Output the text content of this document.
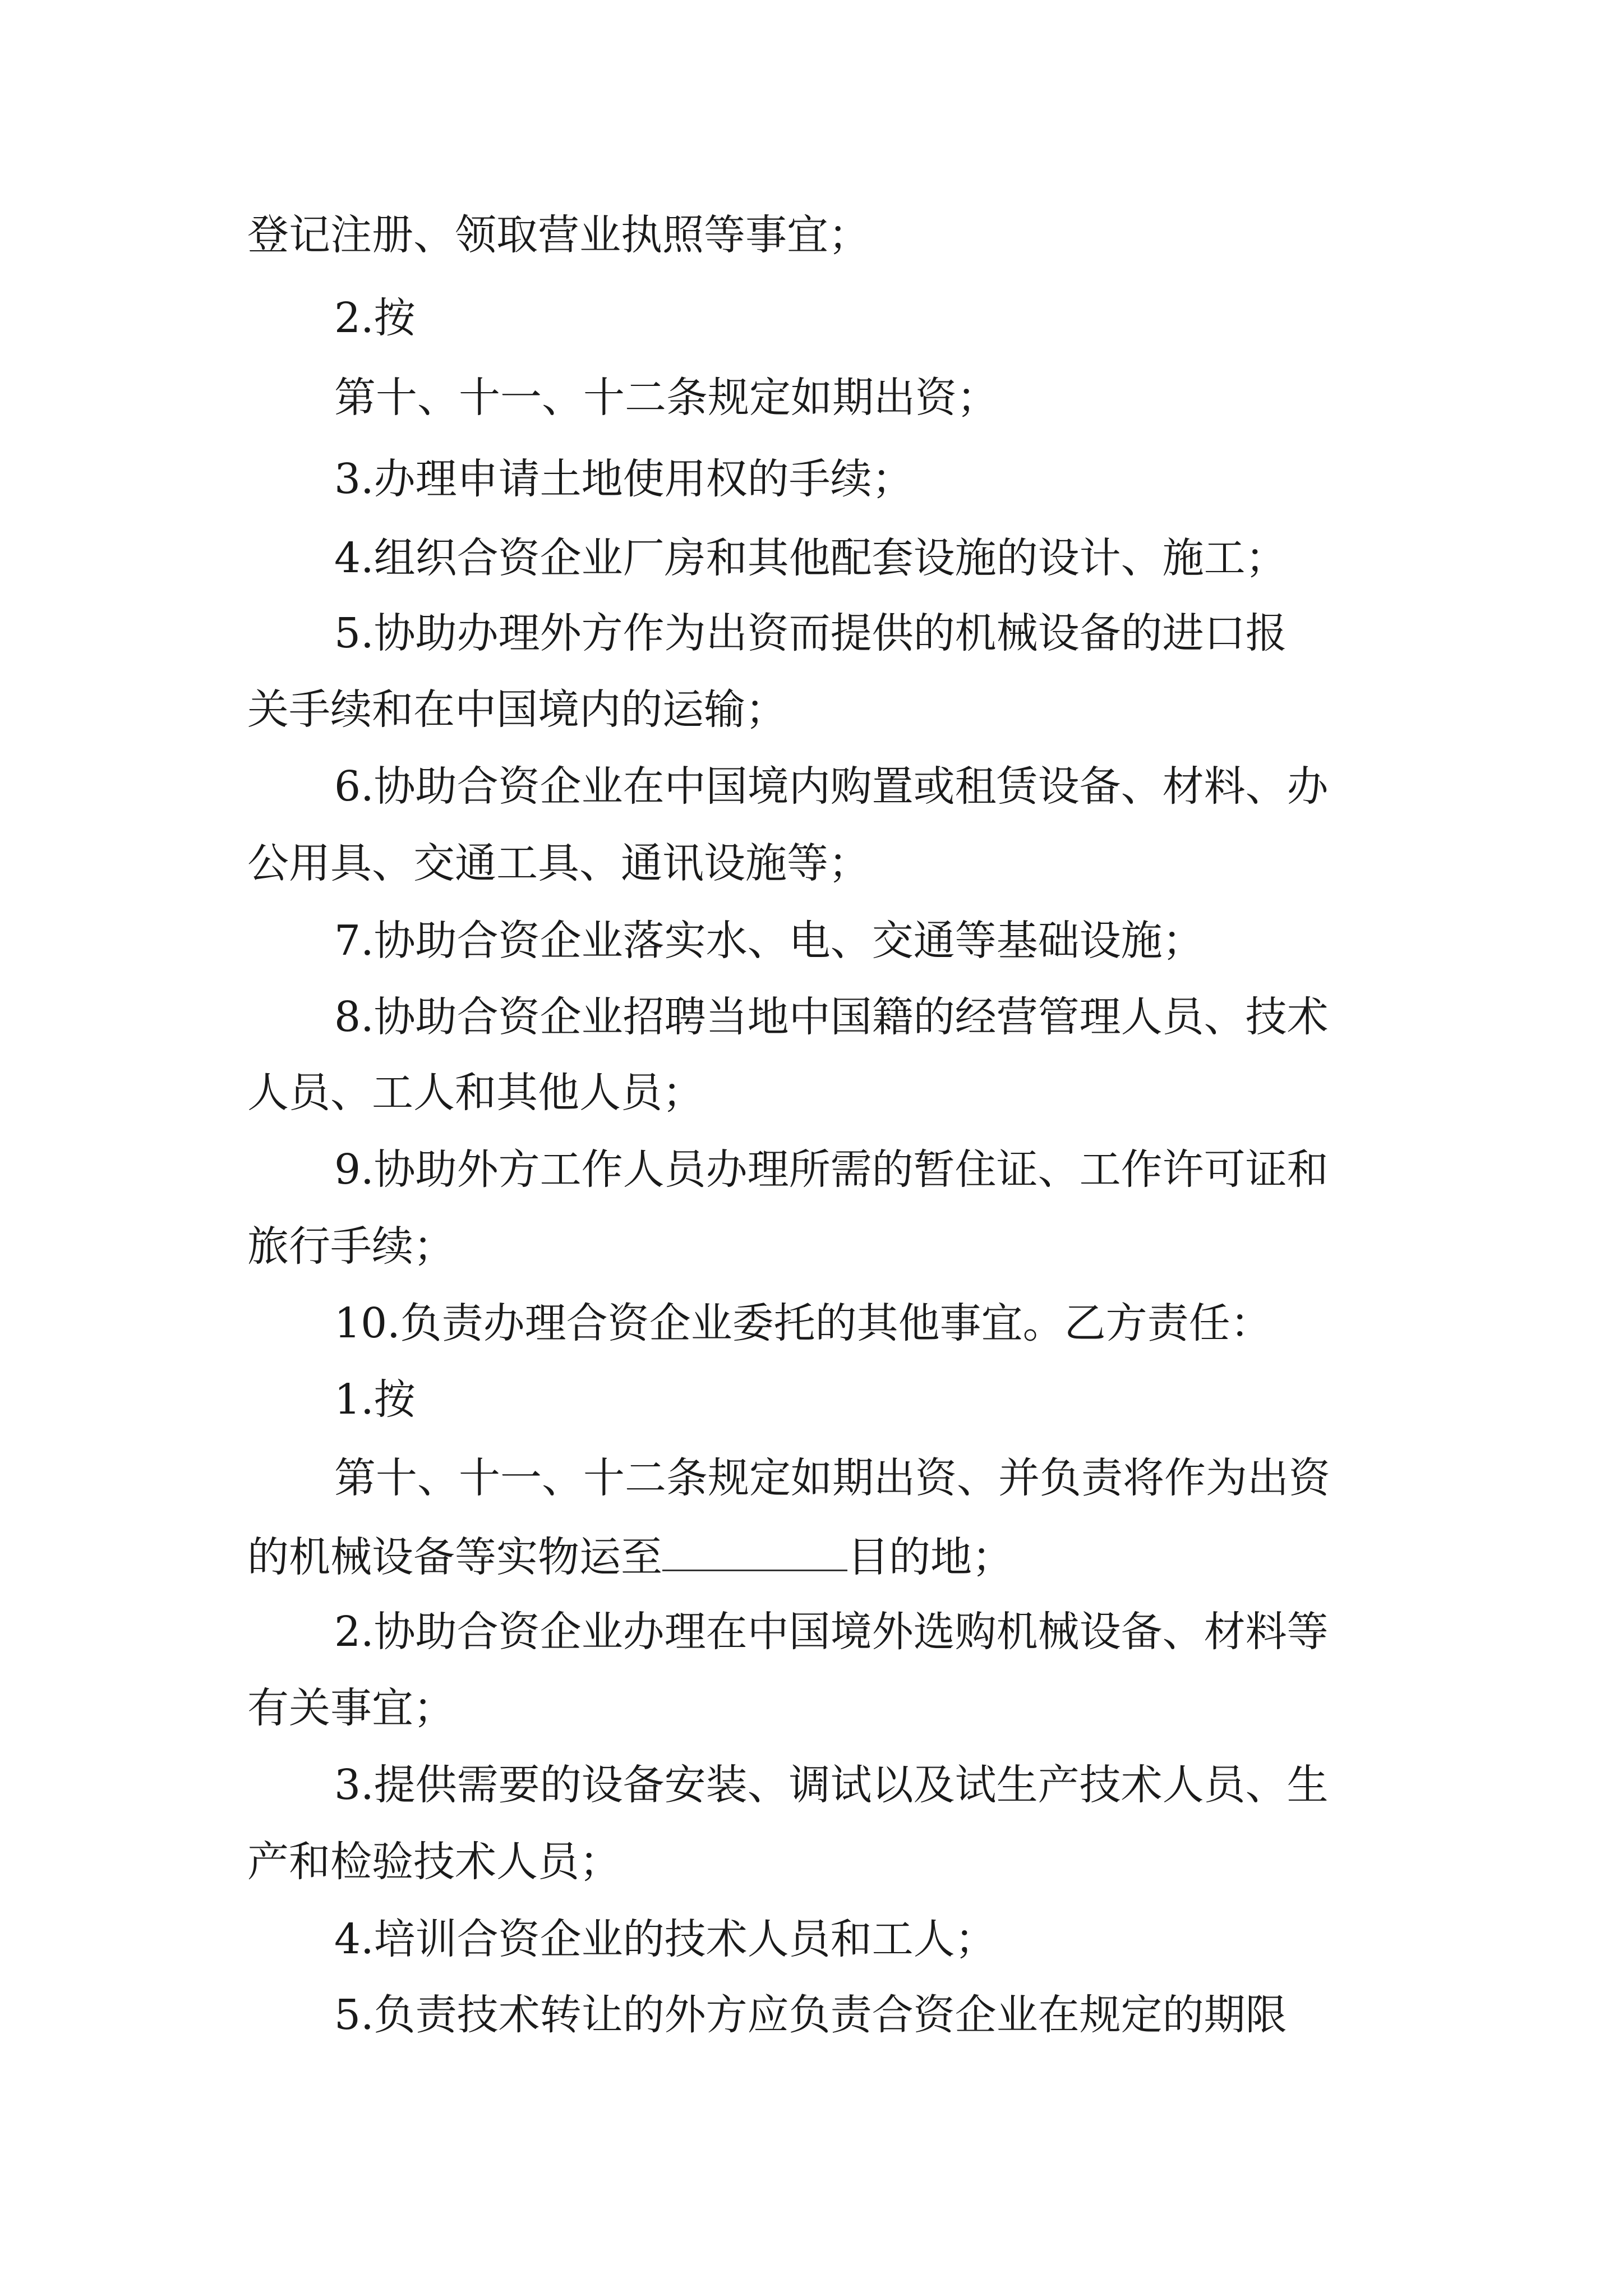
登记注册、领取营业执照等事宜；
2.按
第十、十一、十二条规定如期出资；
3.办理申请土地使用权的手续；
4.组织合资企业厂房和其他配套设施的设计、施工；
5.协助办理外方作为出资而提供的机械设备的进口报
关手续和在中国境内的运输；
6.协助合资企业在中国境内购置或租赁设备、材料、办
公用具、交通工具、通讯设施等；
7.协助合资企业落实水、电、交通等基础设施；
8.协助合资企业招聘当地中国籍的经营管理人员、技术
人员、工人和其他人员；
9.协助外方工作人员办理所需的暂住证、工作许可证和
旅行手续；
10.负责办理合资企业委托的其他事宜。乙方责任：
1.按
第十、十一、十二条规定如期出资、并负责将作为出资
的机械设备等实物运至	目的地；
2.协助合资企业办理在中国境外选购机械设备、材料等
有关事宜；
3.提供需要的设备安装、调试以及试生产技术人员、生
产和检验技术人员；
4.培训合资企业的技术人员和工人；
5.负责技术转让的外方应负责合资企业在规定的期限
